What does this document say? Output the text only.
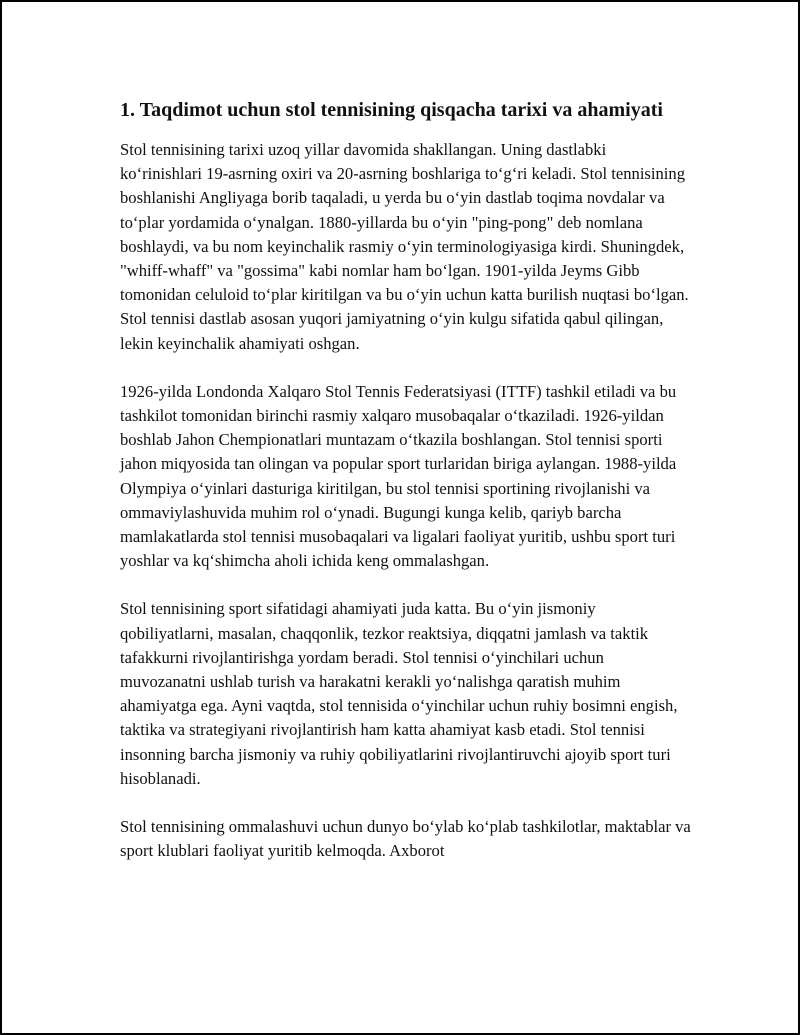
1. Taqdimot uchun stol tennisining qisqacha tarixi va ahamiyati

Stol tennisining tarixi uzoq yillar davomida shakllangan. Uning dastlabki koʻrinishlari 19-asrning oxiri va 20-asrning boshlariga toʻgʻri keladi. Stol tennisining boshlanishi Angliyaga borib taqaladi, u yerda bu oʻyin dastlab toqima novdalar va toʻplar yordamida oʻynalgan. 1880-yillarda bu oʻyin "ping-pong" deb nomlana boshlaydi, va bu nom keyinchalik rasmiy oʻyin terminologiyasiga kirdi. Shuningdek, "whiff-whaff" va "gossima" kabi nomlar ham boʻlgan. 1901-yilda Jeyms Gibb tomonidan celuloid toʻplar kiritilgan va bu oʻyin uchun katta burilish nuqtasi boʻlgan. Stol tennisi dastlab asosan yuqori jamiyatning oʻyin kulgu sifatida qabul qilingan, lekin keyinchalik ahamiyati oshgan.

1926-yilda Londonda Xalqaro Stol Tennis Federatsiyasi (ITTF) tashkil etiladi va bu tashkilot tomonidan birinchi rasmiy xalqaro musobaqalar oʻtkaziladi. 1926-yildan boshlab Jahon Chempionatlari muntazam oʻtkazila boshlangan. Stol tennisi sporti jahon miqyosida tan olingan va popular sport turlaridan biriga aylangan. 1988-yilda Olympiya oʻyinlari dasturiga kiritilgan, bu stol tennisi sportining rivojlanishi va ommaviylashuvida muhim rol oʻynadi. Bugungi kunga kelib, qariyb barcha mamlakatlarda stol tennisi musobaqalari va ligalari faoliyat yuritib, ushbu sport turi yoshlar va kqʻshimcha aholi ichida keng ommalashgan.

Stol tennisining sport sifatidagi ahamiyati juda katta. Bu oʻyin jismoniy qobiliyatlarni, masalan, chaqqonlik, tezkor reaktsiya, diqqatni jamlash va taktik tafakkurni rivojlantirishga yordam beradi. Stol tennisi oʻyinchilari uchun muvozanatni ushlab turish va harakatni kerakli yoʻnalishga qaratish muhim ahamiyatga ega. Ayni vaqtda, stol tennisida oʻyinchilar uchun ruhiy bosimni engish, taktika va strategiyani rivojlantirish ham katta ahamiyat kasb etadi. Stol tennisi insonning barcha jismoniy va ruhiy qobiliyatlarini rivojlantiruvchi ajoyib sport turi hisoblanadi.

Stol tennisining ommalashuvi uchun dunyo boʻylab koʻplab tashkilotlar, maktablar va sport klublari faoliyat yuritib kelmoqda. Axborot
